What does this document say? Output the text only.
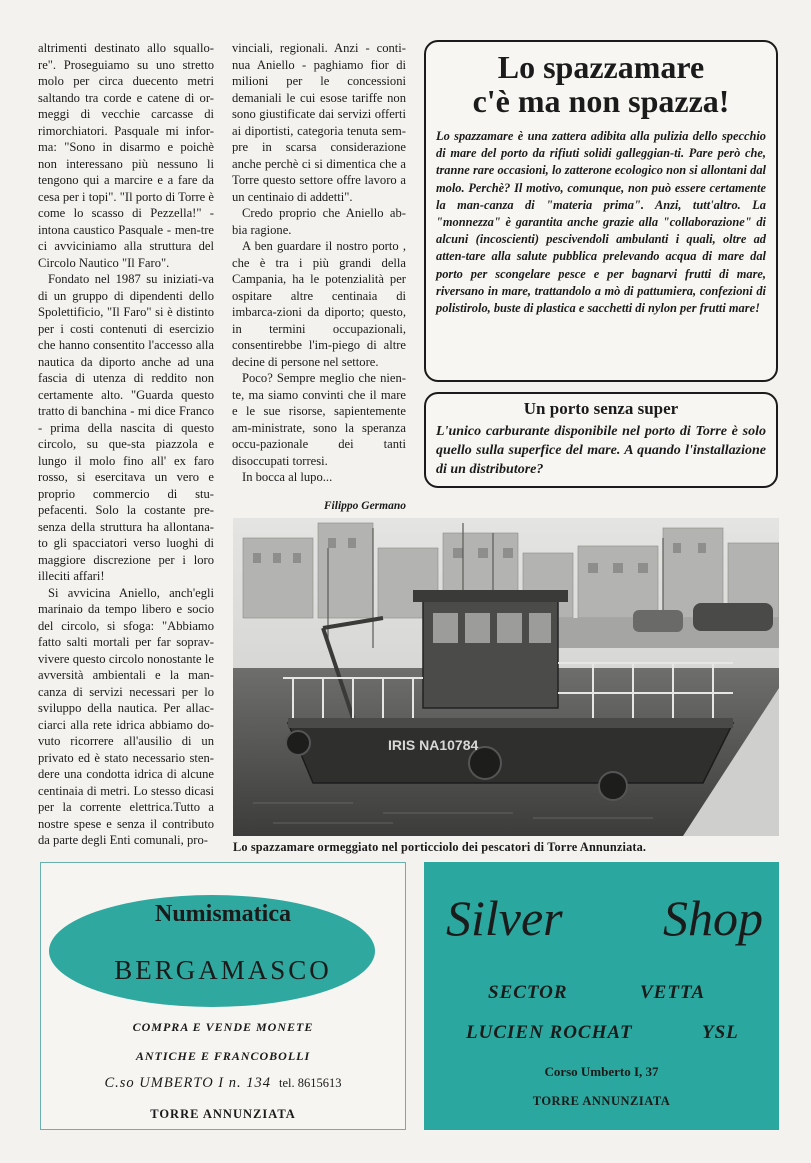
altrimenti destinato allo squallo-re". Proseguiamo su uno stretto molo per circa duecento metri saltando tra corde e catene di or-meggi di vecchie carcasse di rimorchiatori. Pasquale mi infor-ma: "Sono in disarmo e poichè non interessano più nessuno li tengono qui a marcire e a fare da cesa per i topi". "Il porto di Torre è come lo scasso di Pezzella!" - intona caustico Pasquale - men-tre ci avviciniamo alla struttura del Circolo Nautico "Il Faro".

Fondato nel 1987 su iniziati-va di un gruppo di dipendenti dello Spolettificio, "Il Faro" si è distinto per i costi contenuti di esercizio che hanno consentito l'accesso alla nautica da diporto anche ad una fascia di utenza di reddito non certamente alto. "Guarda questo tratto di banchina - mi dice Franco - prima della nascita di questo circolo, su que-sta piazzola e lungo il molo fino all' ex faro rosso, si esercitava un vero e proprio commercio di stu-pefacenti. Solo la costante pre-senza della struttura ha allontana-to gli spacciatori verso luoghi di maggiore discrezione per i loro illeciti affari!

Si avvicina Aniello, anch'egli marinaio da tempo libero e socio del circolo, si sfoga: "Abbiamo fatto salti mortali per far soprav-vivere questo circolo nonostante le avversità ambientali e la man-canza di servizi necessari per lo sviluppo della nautica. Per allac-ciarci alla rete idrica abbiamo do-vuto ricorrere all'ausilio di un privato ed è stato necessario sten-dere una condotta idrica di alcune centinaia di metri. Lo stesso dicasi per la corrente elettrica.Tutto a nostre spese e senza il contributo da parte degli Enti comunali, pro-

vinciali, regionali. Anzi - conti-nua Aniello - paghiamo fior di milioni per le concessioni demaniali le cui esose tariffe non sono giustificate dai servizi offerti ai diportisti, categoria tenuta sem-pre in scarsa considerazione anche perchè ci si dimentica che a Torre questo settore offre lavoro a un centinaio di addetti".

Credo proprio che Aniello ab-bia ragione.

A ben guardare il nostro porto , che è tra i più grandi della Campania, ha le potenzialità per ospitare altre centinaia di imbarca-zioni da diporto; questo, in termini occupazionali, consentirebbe l'im-piego di altre decine di persone nel settore.

Poco? Sempre meglio che nien-te, ma siamo convinti che il mare e le sue risorse, sapientemente am-ministrate, sono la speranza occu-pazionale dei tanti disoccupati torresi.

In bocca al lupo...

Filippo Germano

Lo spazzamare
c'è ma non spazza!
Lo spazzamare è una zattera adibita alla pulizia dello specchio di mare del porto da rifiuti solidi galleggian-ti. Pare però che, tranne rare occasioni, lo zatterone ecologico non si allontani dal molo. Perchè? Il motivo, comunque, non può essere certamente la man-canza di "materia prima". Anzi, tutt'altro. La "monnezza" è garantita anche grazie alla "collaborazione" di alcuni (incoscienti) pescivendoli ambulanti i quali, oltre ad atten-tare alla salute pubblica prelevando acqua di mare dal porto per scongelare pesce e per bagnarvi frutti di mare, riversano in mare, trattandolo a mò di pattumiera, confezioni di polistirolo, buste di plastica e sacchetti di nylon per frutti mare!
Un porto senza super
L'unico carburante disponibile nel porto di Torre è solo quello sulla superfice del mare. A quando l'installazione di un distributore?
IRIS NA10784
Lo spazzamare ormeggiato nel porticciolo dei pescatori di Torre Annunziata.
Numismatica
BERGAMASCO
COMPRA E VENDE MONETE
ANTICHE E FRANCOBOLLI
C.so UMBERTO I n. 134 tel. 8615613
TORRE ANNUNZIATA
Silver Shop
SECTOR	VETTA
LUCIEN ROCHAT	YSL
Corso Umberto I, 37
TORRE ANNUNZIATA
